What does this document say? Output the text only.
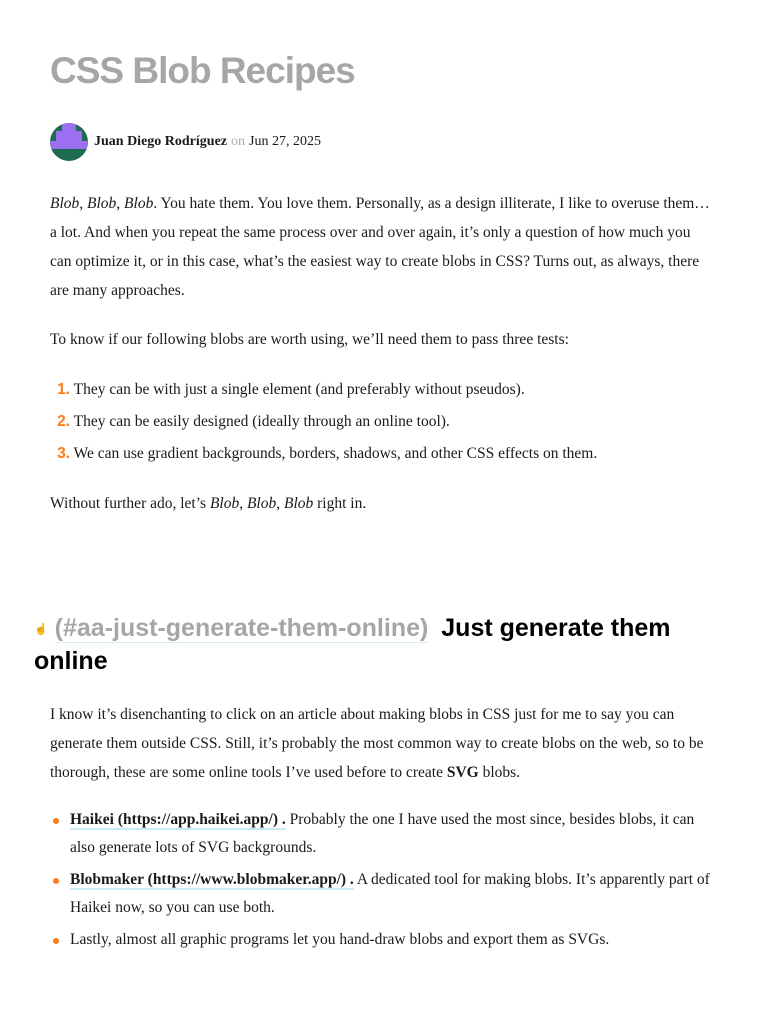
CSS Blob Recipes
Juan Diego Rodríguez on Jun 27, 2025

Blob, Blob, Blob. You hate them. You love them. Personally, as a design illiterate, I like to overuse them… a lot. And when you repeat the same process over and over again, it’s only a question of how much you can optimize it, or in this case, what’s the easiest way to create blobs in CSS? Turns out, as always, there are many approaches.

To know if our following blobs are worth using, we’ll need them to pass three tests:

1. They can be with just a single element (and preferably without pseudos).
2. They can be easily designed (ideally through an online tool).
3. We can use gradient backgrounds, borders, shadows, and other CSS effects on them.

Without further ado, let’s Blob, Blob, Blob right in.

☝ (#aa-just-generate-them-online) Just generate them online

I know it’s disenchanting to click on an article about making blobs in CSS just for me to say you can generate them outside CSS. Still, it’s probably the most common way to create blobs on the web, so to be thorough, these are some online tools I’ve used before to create SVG blobs.

Haikei (https://app.haikei.app/) . Probably the one I have used the most since, besides blobs, it can also generate lots of SVG backgrounds.
Blobmaker (https://www.blobmaker.app/) . A dedicated tool for making blobs. It’s apparently part of Haikei now, so you can use both.
Lastly, almost all graphic programs let you hand-draw blobs and export them as SVGs.
